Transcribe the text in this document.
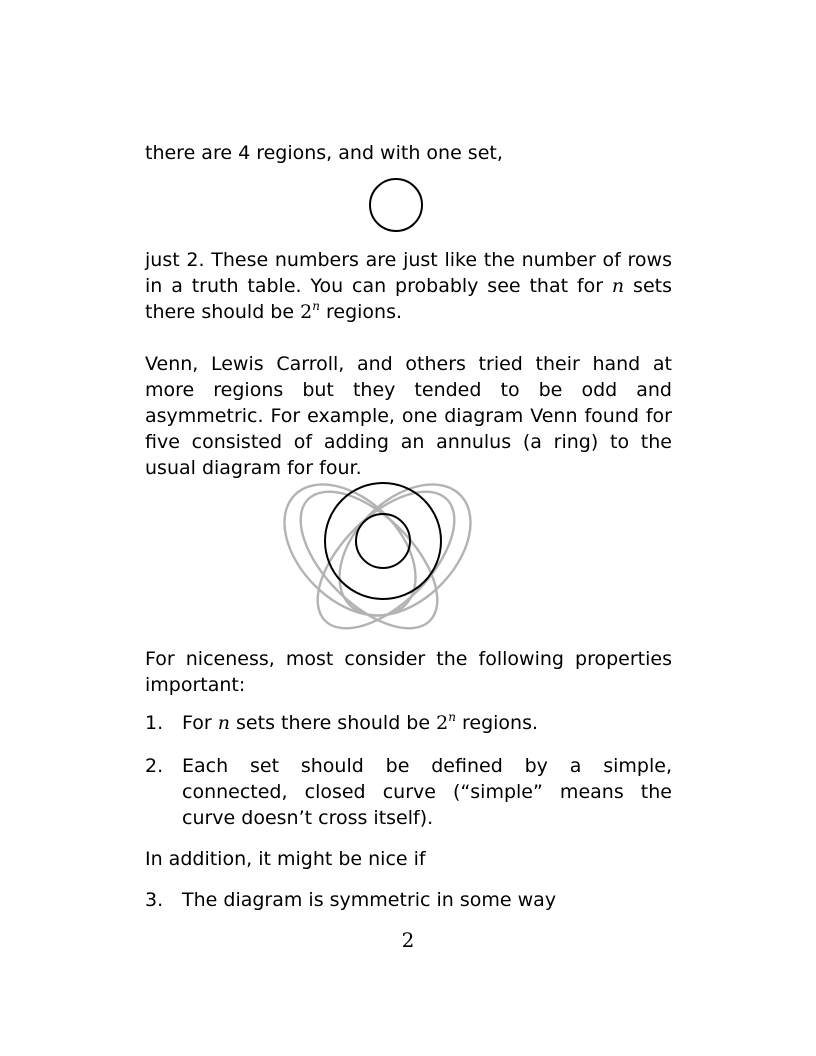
there are 4 regions, and with one set,

just 2. These numbers are just like the number of rows in a truth table. You can probably see that for n sets there should be 2$^n$ regions.

Venn, Lewis Carroll, and others tried their hand at more regions but they tended to be odd and asymmetric. For example, one diagram Venn found for five consisted of adding an annulus (a ring) to the usual diagram for four.

For niceness, most consider the following properties important:

1. For n sets there should be 2$^n$ regions.
2. Each set should be defined by a simple, connected, closed curve (“simple” means the curve doesn’t cross itself).

In addition, it might be nice if

3. The diagram is symmetric in some way
2
